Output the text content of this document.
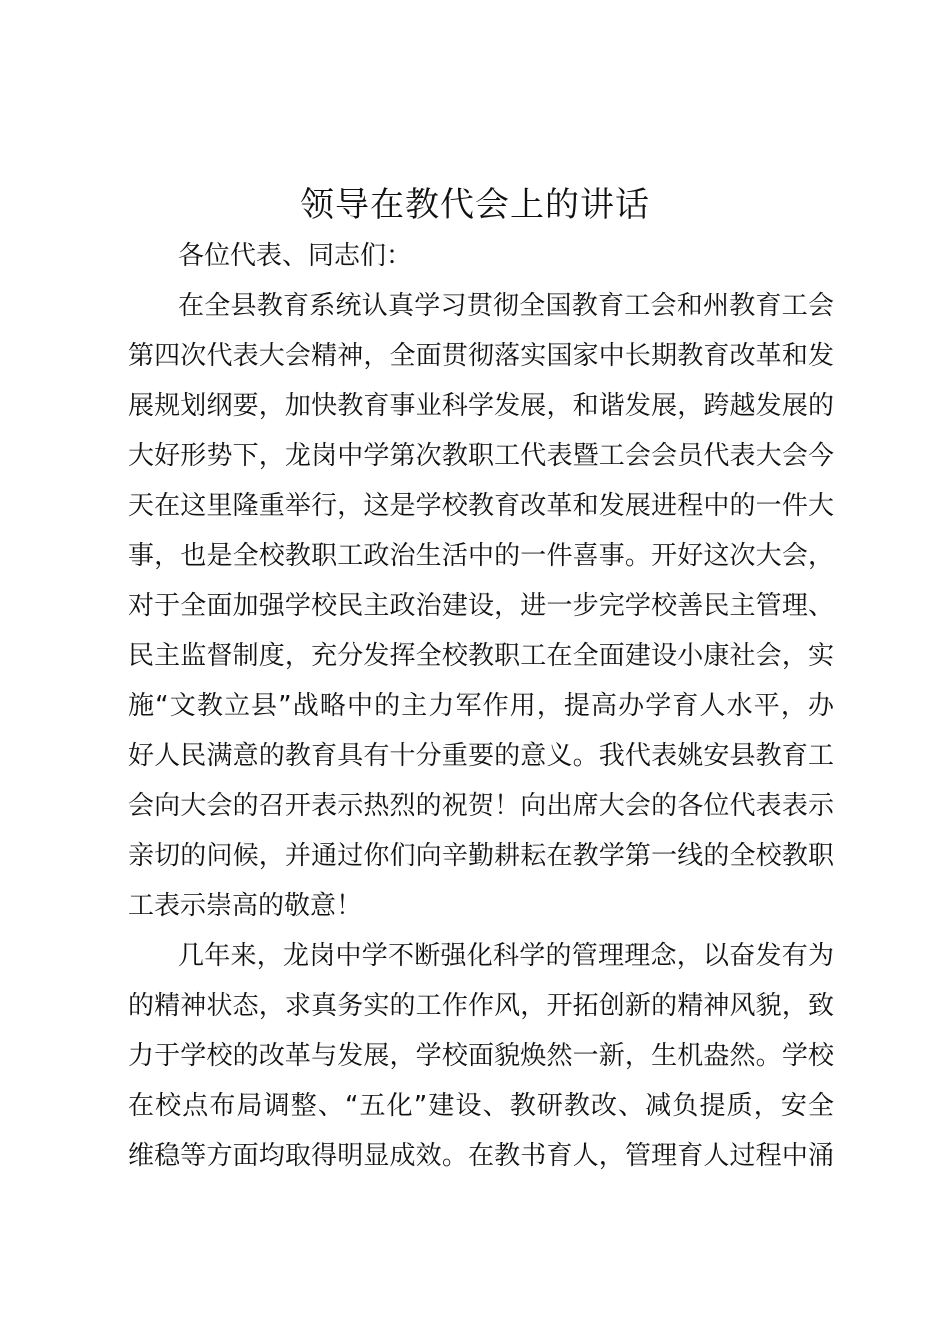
领导在教代会上的讲话
各位代表、同志们：
在全县教育系统认真学习贯彻全国教育工会和州教育工会
第四次代表大会精神，全面贯彻落实国家中长期教育改革和发
展规划纲要，加快教育事业科学发展，和谐发展，跨越发展的
大好形势下，龙岗中学第次教职工代表暨工会会员代表大会今
天在这里隆重举行，这是学校教育改革和发展进程中的一件大
事，也是全校教职工政治生活中的一件喜事。开好这次大会，
对于全面加强学校民主政治建设，进一步完学校善民主管理、
民主监督制度，充分发挥全校教职工在全面建设小康社会，实
施“文教立县”战略中的主力军作用，提高办学育人水平，办
好人民满意的教育具有十分重要的意义。我代表姚安县教育工
会向大会的召开表示热烈的祝贺！向出席大会的各位代表表示
亲切的问候，并通过你们向辛勤耕耘在教学第一线的全校教职
工表示崇高的敬意！
几年来，龙岗中学不断强化科学的管理理念，以奋发有为
的精神状态，求真务实的工作作风，开拓创新的精神风貌，致
力于学校的改革与发展，学校面貌焕然一新，生机盎然。学校
在校点布局调整、“五化”建设、教研教改、减负提质，安全
维稳等方面均取得明显成效。在教书育人，管理育人过程中涌
